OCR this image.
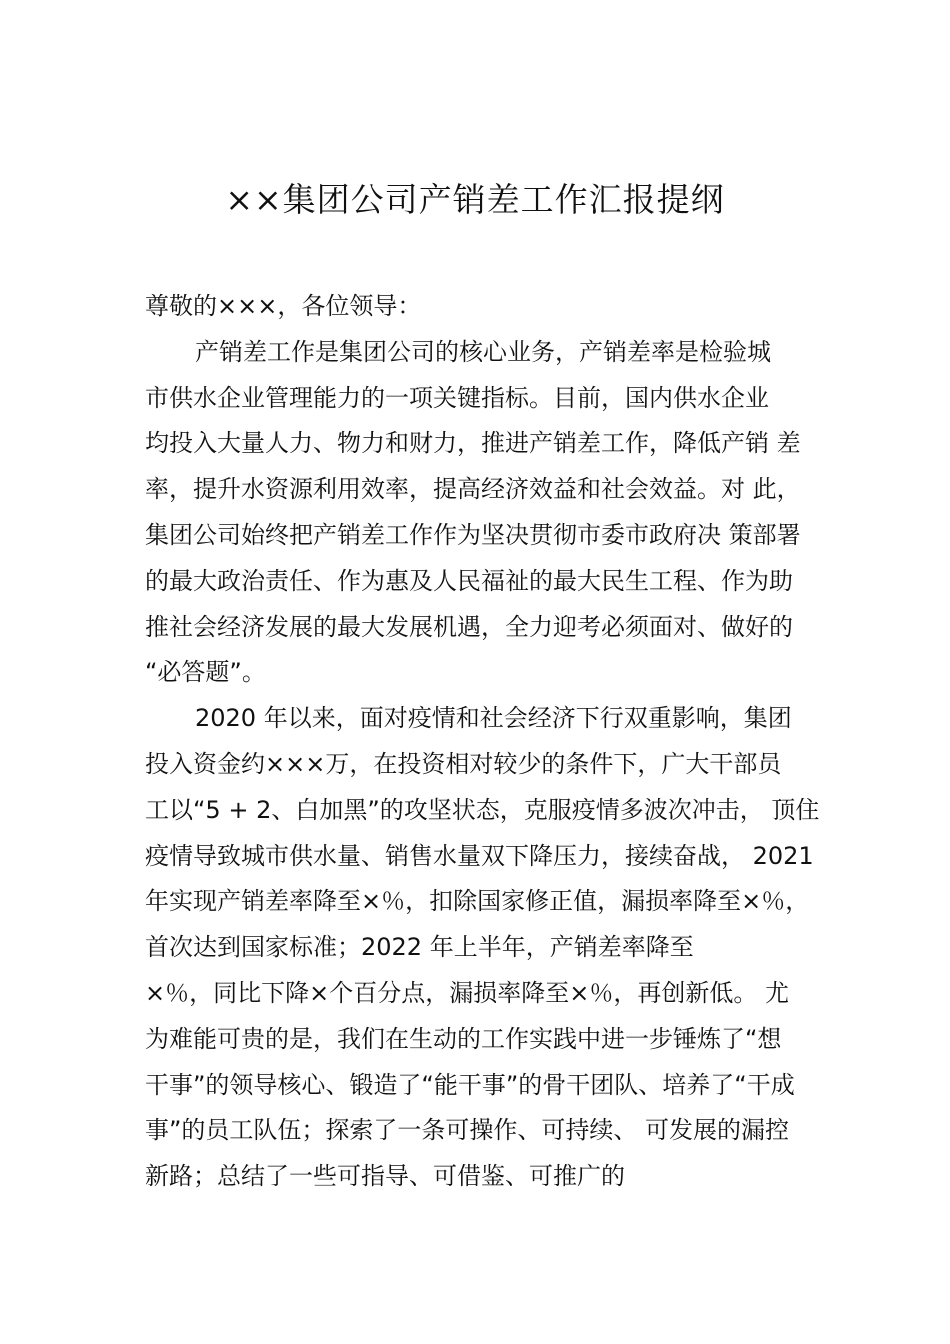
××集团公司产销差工作汇报提纲
尊敬的×××，各位领导：
产销差工作是集团公司的核心业务，产销差率是检验城
市供水企业管理能力的一项关键指标。目前，国内供水企业
均投入大量人力、物力和财力，推进产销差工作，降低产销 差
率，提升水资源利用效率，提高经济效益和社会效益。对 此，
集团公司始终把产销差工作作为坚决贯彻市委市政府决 策部署
的最大政治责任、作为惠及人民福祉的最大民生工程、作为助
推社会经济发展的最大发展机遇，全力迎考必须面对、做好的
“必答题”。
2020 年以来，面对疫情和社会经济下行双重影响，集团
投入资金约×××万，在投资相对较少的条件下，广大干部员
工以“5 + 2、白加黑”的攻坚状态，克服疫情多波次冲击， 顶住
疫情导致城市供水量、销售水量双下降压力，接续奋战， 2021
年实现产销差率降至×％，扣除国家修正值，漏损率降至×％，
首次达到国家标准；2022 年上半年，产销差率降至
×％，同比下降×个百分点，漏损率降至×％，再创新低。 尤
为难能可贵的是，我们在生动的工作实践中进一步锤炼了“想
干事”的领导核心、锻造了“能干事”的骨干团队、培养了“干成
事”的员工队伍；探索了一条可操作、可持续、 可发展的漏控
新路；总结了一些可指导、可借鉴、可推广的
